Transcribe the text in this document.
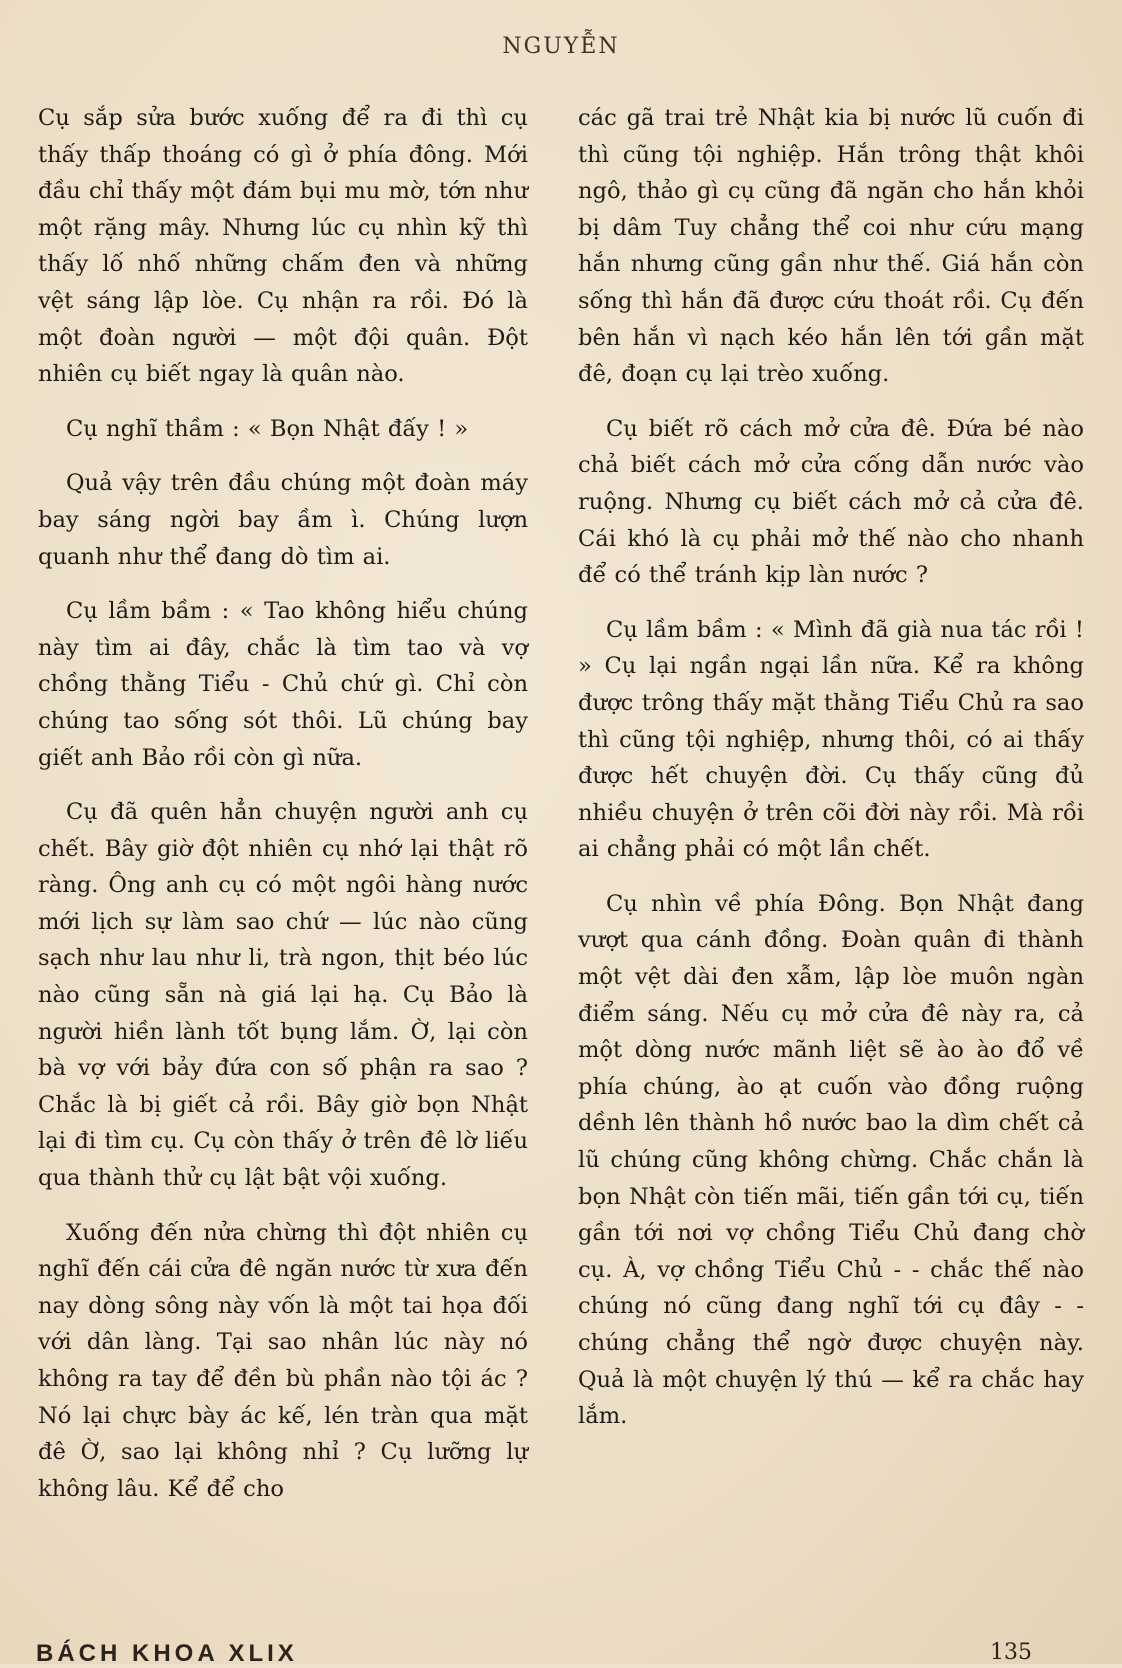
NGUYỄN

Cụ sắp sửa bước xuống để ra đi thì cụ thấy thấp thoáng có gì ở phía đông. Mới đầu chỉ thấy một đám bụi mu mờ, tớn như một rặng mây. Nhưng lúc cụ nhìn kỹ thì thấy lố nhố những chấm đen và những vệt sáng lập lòe. Cụ nhận ra rồi. Đó là một đoàn người — một đội quân. Đột nhiên cụ biết ngay là quân nào.

Cụ nghĩ thầm : « Bọn Nhật đấy ! »

Quả vậy trên đầu chúng một đoàn máy bay sáng ngời bay ầm ì. Chúng lượn quanh như thể đang dò tìm ai.

Cụ lầm bầm : « Tao không hiểu chúng này tìm ai đây, chắc là tìm tao và vợ chồng thằng Tiểu - Chủ chứ gì. Chỉ còn chúng tao sống sót thôi. Lũ chúng bay giết anh Bảo rồi còn gì nữa.

Cụ đã quên hẳn chuyện người anh cụ chết. Bây giờ đột nhiên cụ nhớ lại thật rõ ràng. Ông anh cụ có một ngôi hàng nước mới lịch sự làm sao chứ — lúc nào cũng sạch như lau như li, trà ngon, thịt béo lúc nào cũng sẵn nà giá lại hạ. Cụ Bảo là người hiền lành tốt bụng lắm. Ờ, lại còn bà vợ với bảy đứa con số phận ra sao ? Chắc là bị giết cả rồi. Bây giờ bọn Nhật lại đi tìm cụ. Cụ còn thấy ở trên đê lờ liếu qua thành thử cụ lật bật vội xuống.

Xuống đến nửa chừng thì đột nhiên cụ nghĩ đến cái cửa đê ngăn nước từ xưa đến nay dòng sông này vốn là một tai họa đối với dân làng. Tại sao nhân lúc này nó không ra tay để đền bù phần nào tội ác ? Nó lại chực bày ác kế, lén tràn qua mặt đê Ờ, sao lại không nhỉ ? Cụ lưỡng lự không lâu. Kể để cho

các gã trai trẻ Nhật kia bị nước lũ cuốn đi thì cũng tội nghiệp. Hắn trông thật khôi ngô, thảo gì cụ cũng đã ngăn cho hắn khỏi bị dâm Tuy chẳng thể coi như cứu mạng hắn nhưng cũng gần như thế. Giá hắn còn sống thì hắn đã được cứu thoát rồi. Cụ đến bên hắn vì nạch kéo hắn lên tới gần mặt đê, đoạn cụ lại trèo xuống.

Cụ biết rõ cách mở cửa đê. Đứa bé nào chả biết cách mở cửa cống dẫn nước vào ruộng. Nhưng cụ biết cách mở cả cửa đê. Cái khó là cụ phải mở thế nào cho nhanh để có thể tránh kịp làn nước ?

Cụ lầm bầm : « Mình đã già nua tác rồi ! » Cụ lại ngần ngại lần nữa. Kể ra không được trông thấy mặt thằng Tiểu Chủ ra sao thì cũng tội nghiệp, nhưng thôi, có ai thấy được hết chuyện đời. Cụ thấy cũng đủ nhiều chuyện ở trên cõi đời này rồi. Mà rồi ai chẳng phải có một lần chết.

Cụ nhìn về phía Đông. Bọn Nhật đang vượt qua cánh đồng. Đoàn quân đi thành một vệt dài đen xẫm, lập lòe muôn ngàn điểm sáng. Nếu cụ mở cửa đê này ra, cả một dòng nước mãnh liệt sẽ ào ào đổ về phía chúng, ào ạt cuốn vào đồng ruộng dềnh lên thành hồ nước bao la dìm chết cả lũ chúng cũng không chừng. Chắc chắn là bọn Nhật còn tiến mãi, tiến gần tới cụ, tiến gần tới nơi vợ chồng Tiểu Chủ đang chờ cụ. À, vợ chồng Tiểu Chủ - - chắc thế nào chúng nó cũng đang nghĩ tới cụ đây - - chúng chẳng thể ngờ được chuyện này. Quả là một chuyện lý thú — kể ra chắc hay lắm.

BÁCH KHOA XLIX	135
